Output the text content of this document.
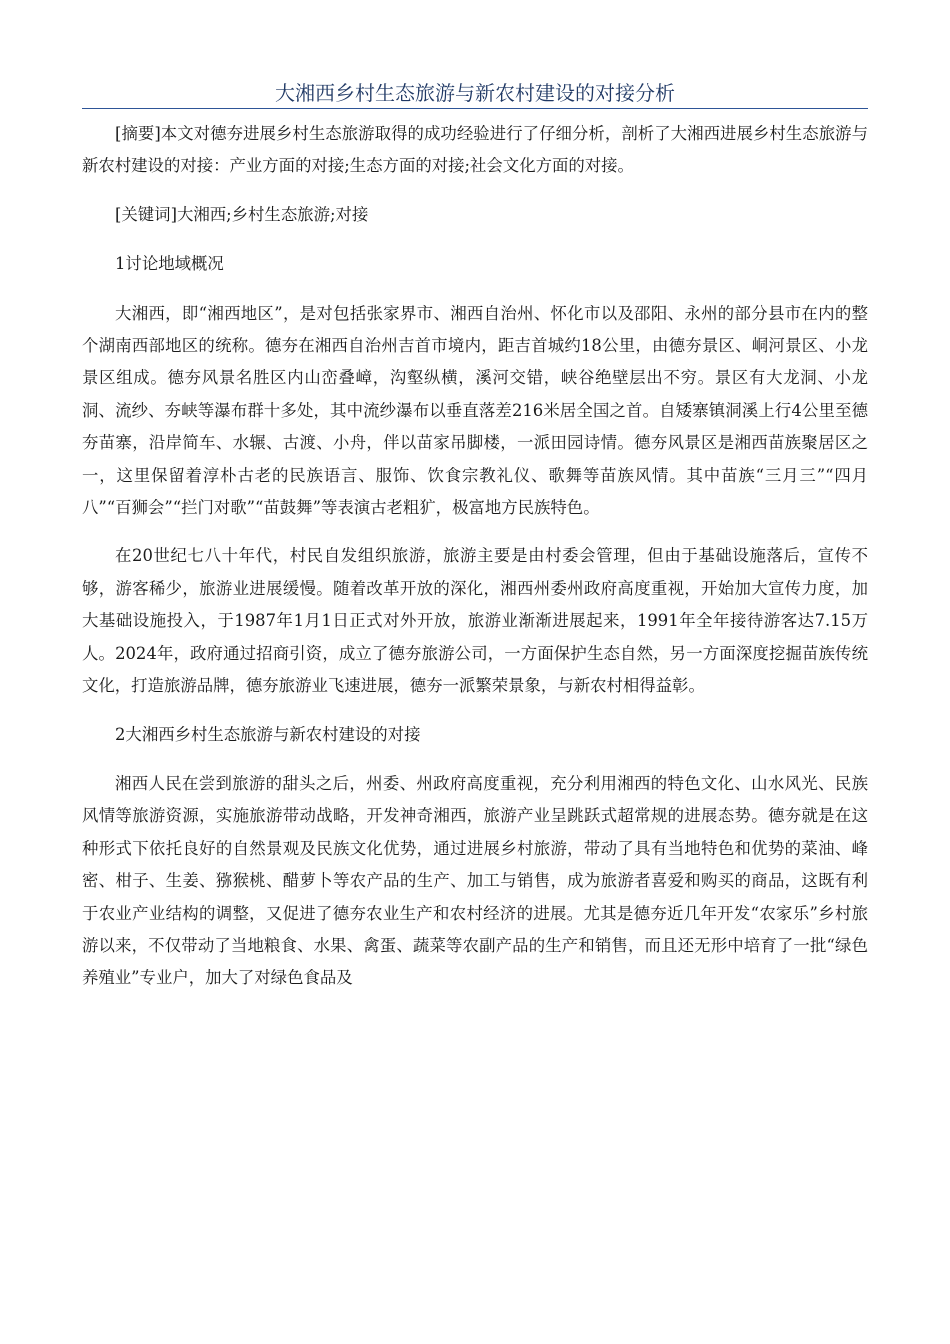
大湘西乡村生态旅游与新农村建设的对接分析

[摘要]本文对德夯进展乡村生态旅游取得的成功经验进行了仔细分析，剖析了大湘西进展乡村生态旅游与新农村建设的对接：产业方面的对接;生态方面的对接;社会文化方面的对接。

[关键词]大湘西;乡村生态旅游;对接

1讨论地域概况

大湘西，即“湘西地区”，是对包括张家界市、湘西自治州、怀化市以及邵阳、永州的部分县市在内的整个湖南西部地区的统称。德夯在湘西自治州吉首市境内，距吉首城约18公里，由德夯景区、峒河景区、小龙景区组成。德夯风景名胜区内山峦叠嶂，沟壑纵横，溪河交错，峡谷绝壁层出不穷。景区有大龙洞、小龙洞、流纱、夯峡等瀑布群十多处，其中流纱瀑布以垂直落差216米居全国之首。自矮寨镇洞溪上行4公里至德夯苗寨，沿岸简车、水辗、古渡、小舟，伴以苗家吊脚楼，一派田园诗情。德夯风景区是湘西苗族聚居区之一，这里保留着淳朴古老的民族语言、服饰、饮食宗教礼仪、歌舞等苗族风情。其中苗族“三月三”“四月八”“百狮会”“拦门对歌”“苗鼓舞”等表演古老粗犷，极富地方民族特色。

在20世纪七八十年代，村民自发组织旅游，旅游主要是由村委会管理，但由于基础设施落后，宣传不够，游客稀少，旅游业进展缓慢。随着改革开放的深化，湘西州委州政府高度重视，开始加大宣传力度，加大基础设施投入，于1987年1月1日正式对外开放，旅游业渐渐进展起来，1991年全年接待游客达7.15万人。2024年，政府通过招商引资，成立了德夯旅游公司，一方面保护生态自然，另一方面深度挖掘苗族传统文化，打造旅游品牌，德夯旅游业飞速进展，德夯一派繁荣景象，与新农村相得益彰。

2大湘西乡村生态旅游与新农村建设的对接

湘西人民在尝到旅游的甜头之后，州委、州政府高度重视，充分利用湘西的特色文化、山水风光、民族风情等旅游资源，实施旅游带动战略，开发神奇湘西，旅游产业呈跳跃式超常规的进展态势。德夯就是在这种形式下依托良好的自然景观及民族文化优势，通过进展乡村旅游，带动了具有当地特色和优势的菜油、峰密、柑子、生姜、猕猴桃、醋萝卜等农产品的生产、加工与销售，成为旅游者喜爱和购买的商品，这既有利于农业产业结构的调整，又促进了德夯农业生产和农村经济的进展。尤其是德夯近几年开发“农家乐”乡村旅游以来，不仅带动了当地粮食、水果、禽蛋、蔬菜等农副产品的生产和销售，而且还无形中培育了一批“绿色养殖业”专业户，加大了对绿色食品及
